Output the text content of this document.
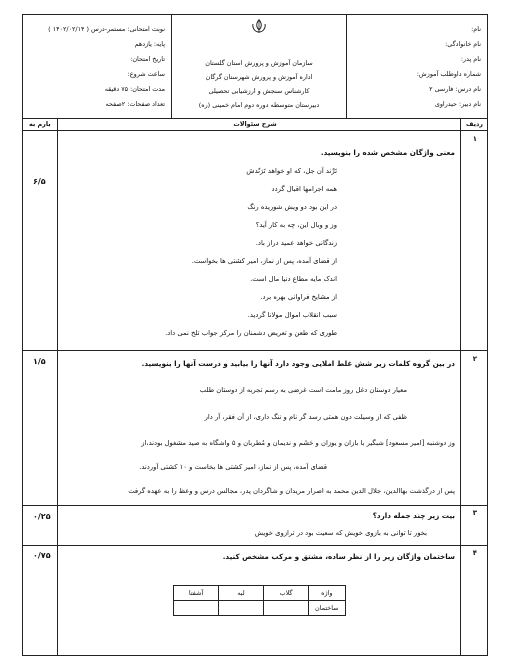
نام:
نام خانوادگی:
نام پدر:
شماره داوطلب آموزش:
نام درس: فارسی ۲
نام دبیر: حیدراوی

سازمان آموزش و پرورش استان گلستان
اداره آموزش و پرورش شهرستان گرگان
کارشناس سنجش و ارزشیابی تحصیلی
دبیرستان متوسطه دوره دوم امام خمینی (ره)
نوبت امتحانی: مستمر-درس ( ۱۴۰۲/۰۲/۱۴ )
پایه: یازدهم
تاریخ امتحان:
ساعت شروع:
مدت امتحان: ۷۵ دقیقه
تعداد صفحات: ۲صفحه
ردیف
شرح سئوالات
بارم به
۱
۶/۵
معنی واژگان مشخص شده را بنویسید.
تَرَّند آن جل، که او خواهد تَرَنّدش
همه اجرامها اقبال گردد
در این بود دو ویش شوریده رنگ
وز و وبال این، چه به کار آید؟
زندگانی خواهد عمید دراز باد.
از قضای آمده، پس از نماز، امیر کشتی ها بخواست.
اندک مایه مطاع دنیا مال است.
از مشایخ فراوانی بهره برد.
سبب انقلاب اموال مولانا گردید.
طوری که طعن و تعریض دشمنان را مرکز جواب تلخ نمی داد.
۲
۱/۵	در بین گروه کلمات زیر شش غلط املایی وجود دارد آنها را بیابید و درست آنها را بنویسید.
معیار دوستان دغل روز مامت است غرضی به رسم تجربه از دوستان طلب
ظفی که از وسیلت دون همتی رسد گر نام و ننگ داری، از آن فقر، آر دار
وز دوشنبه [امیر مسعود] شبگیر با بازان و یوزان و حَشَم و ندیمان و مُطربان و ۵ واشگاه به صید مشغول بودند،از
قضای آمده، پس از نماز، امیر کشتی ها بخاست و ۱۰ کشتی آوردند.
پس از درگذشت بهاالدین، جلال الدین محمد به اصرار مریدان و شاگردان پدر، مجالس درس و وعظ را به عهده گرفت
۳
۰/۲۵	بیت زیر چند جمله دارد؟
بخور تا توانی به بازوی خویش که سعیت بود در ترازوی خویش
۴
۰/۷۵	ساختمان واژگان زیر را از نظر ساده، مشتق و مرکب مشخص کنید.
واژه	گلاب	لبه	آشفتا
ساختمان			
